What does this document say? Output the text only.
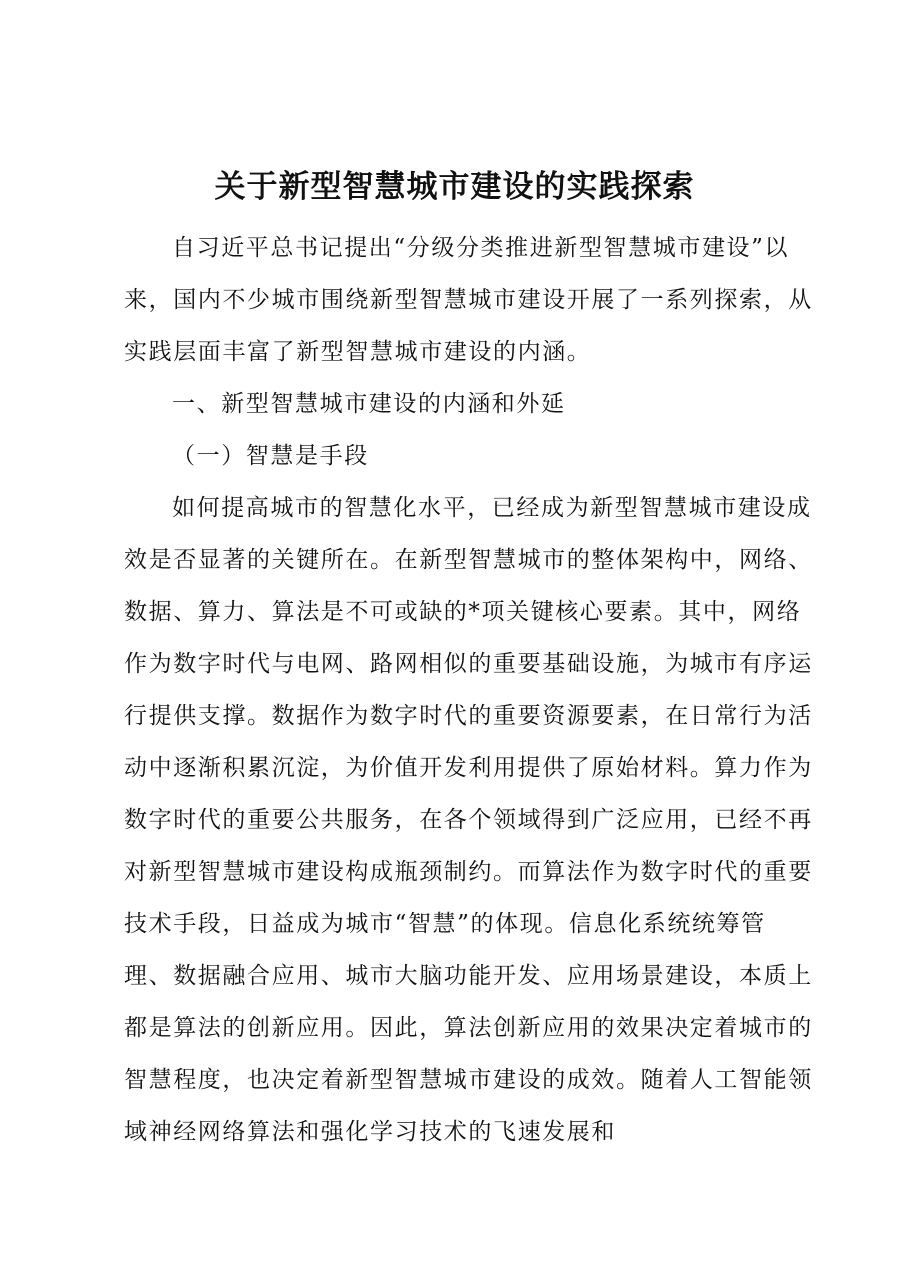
关于新型智慧城市建设的实践探索

自习近平总书记提出“分级分类推进新型智慧城市建设”以来，国内不少城市围绕新型智慧城市建设开展了一系列探索，从实践层面丰富了新型智慧城市建设的内涵。

一、新型智慧城市建设的内涵和外延

（一）智慧是手段

如何提高城市的智慧化水平，已经成为新型智慧城市建设成效是否显著的关键所在。在新型智慧城市的整体架构中，网络、数据、算力、算法是不可或缺的*项关键核心要素。其中，网络作为数字时代与电网、路网相似的重要基础设施，为城市有序运行提供支撑。数据作为数字时代的重要资源要素，在日常行为活动中逐渐积累沉淀，为价值开发利用提供了原始材料。算力作为数字时代的重要公共服务，在各个领域得到广泛应用，已经不再对新型智慧城市建设构成瓶颈制约。而算法作为数字时代的重要技术手段，日益成为城市“智慧”的体现。信息化系统统筹管理、数据融合应用、城市大脑功能开发、应用场景建设，本质上都是算法的创新应用。因此，算法创新应用的效果决定着城市的智慧程度，也决定着新型智慧城市建设的成效。随着人工智能领域神经网络算法和强化学习技术的飞速发展和
